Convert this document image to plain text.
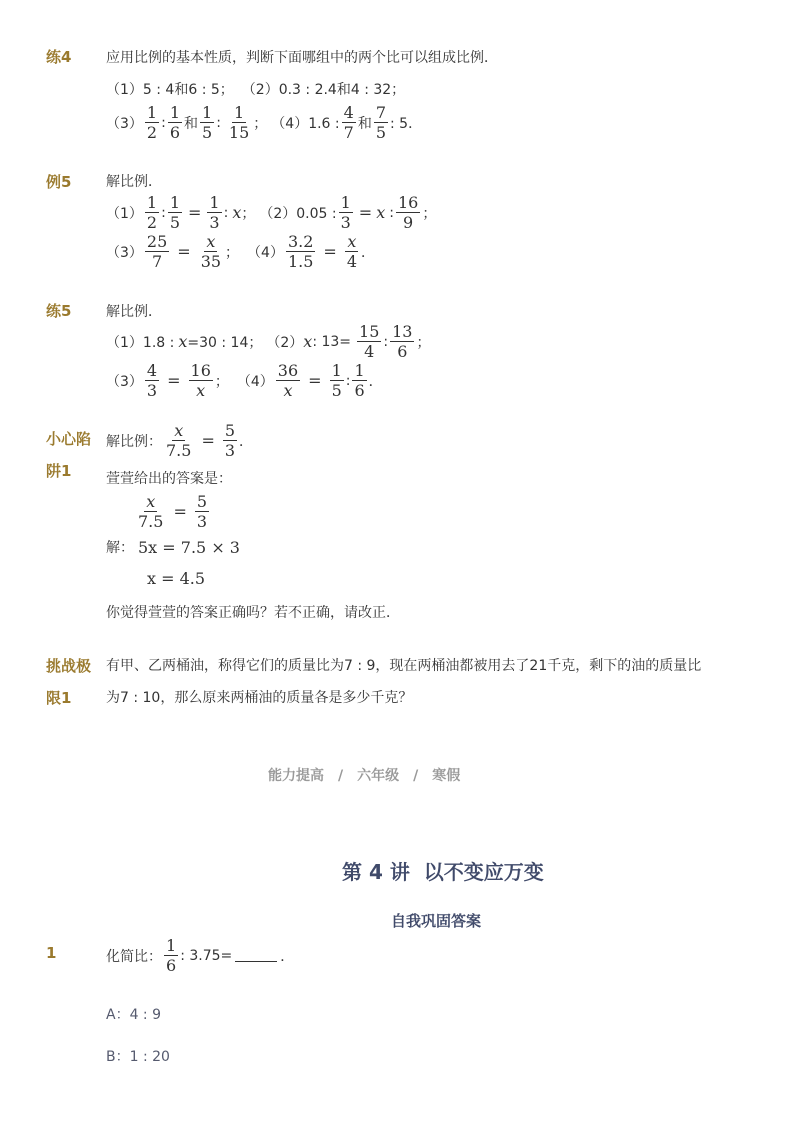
练4 应用比例的基本性质，判断下面哪组中的两个比可以组成比例．
（1）5 : 4和6 : 5； （2）0.3 : 2.4和4 : 32；
$(3) \frac{1}{2}$ : $\frac{1}{6}$ 和 $\frac{1}{5}$ : $\frac{1}{15}$ ； （4）1.6 : $\frac{4}{7}$ 和 $\frac{7}{5}$ : 5．
例5 解比例．
$(1) \frac{1}{2}$ : $\frac{1}{5} = \frac{1}{3}$ : x ； （2）0.05 : $\frac{1}{3} = x$ : $\frac{16}{9}$ ；
$(3) \frac{25}{7} = \frac{x}{35}$ ； $(4) \frac{3.2}{1.5} = \frac{x}{4}$ ．
练5 解比例．
（1）1.8 : x =30 : 14； （2） x : $13= \frac{15}{4}$ : $\frac{13}{6}$ ；
$(3) \frac{4}{3} = \frac{16}{x}$ ； $(4) \frac{36}{x} = \frac{1}{5}$ : $\frac{1}{6}$ ．
小心陷
阱1
解比例： $\frac{x}{7.5} = \frac{5}{3}$ ．
萱萱给出的答案是：
$\frac{x}{7.5} = \frac{5}{3}$
解： 5x = 7.5 × 3
x = 4.5
你觉得萱萱的答案正确吗？若不正确，请改正．
挑战极
限1
有甲、乙两桶油，称得它们的质量比为7 : 9，现在两桶油都被用去了21千克，剩下的油的质量比
为7 : 10，那么原来两桶油的质量各是多少千克？
能力提高　/　六年级　/　寒假
第 4 讲  以不变应万变
自我巩固答案
1	化简比： $\frac{1}{6}$ : 3.75=	．
A：4 : 9
B：1 : 20
